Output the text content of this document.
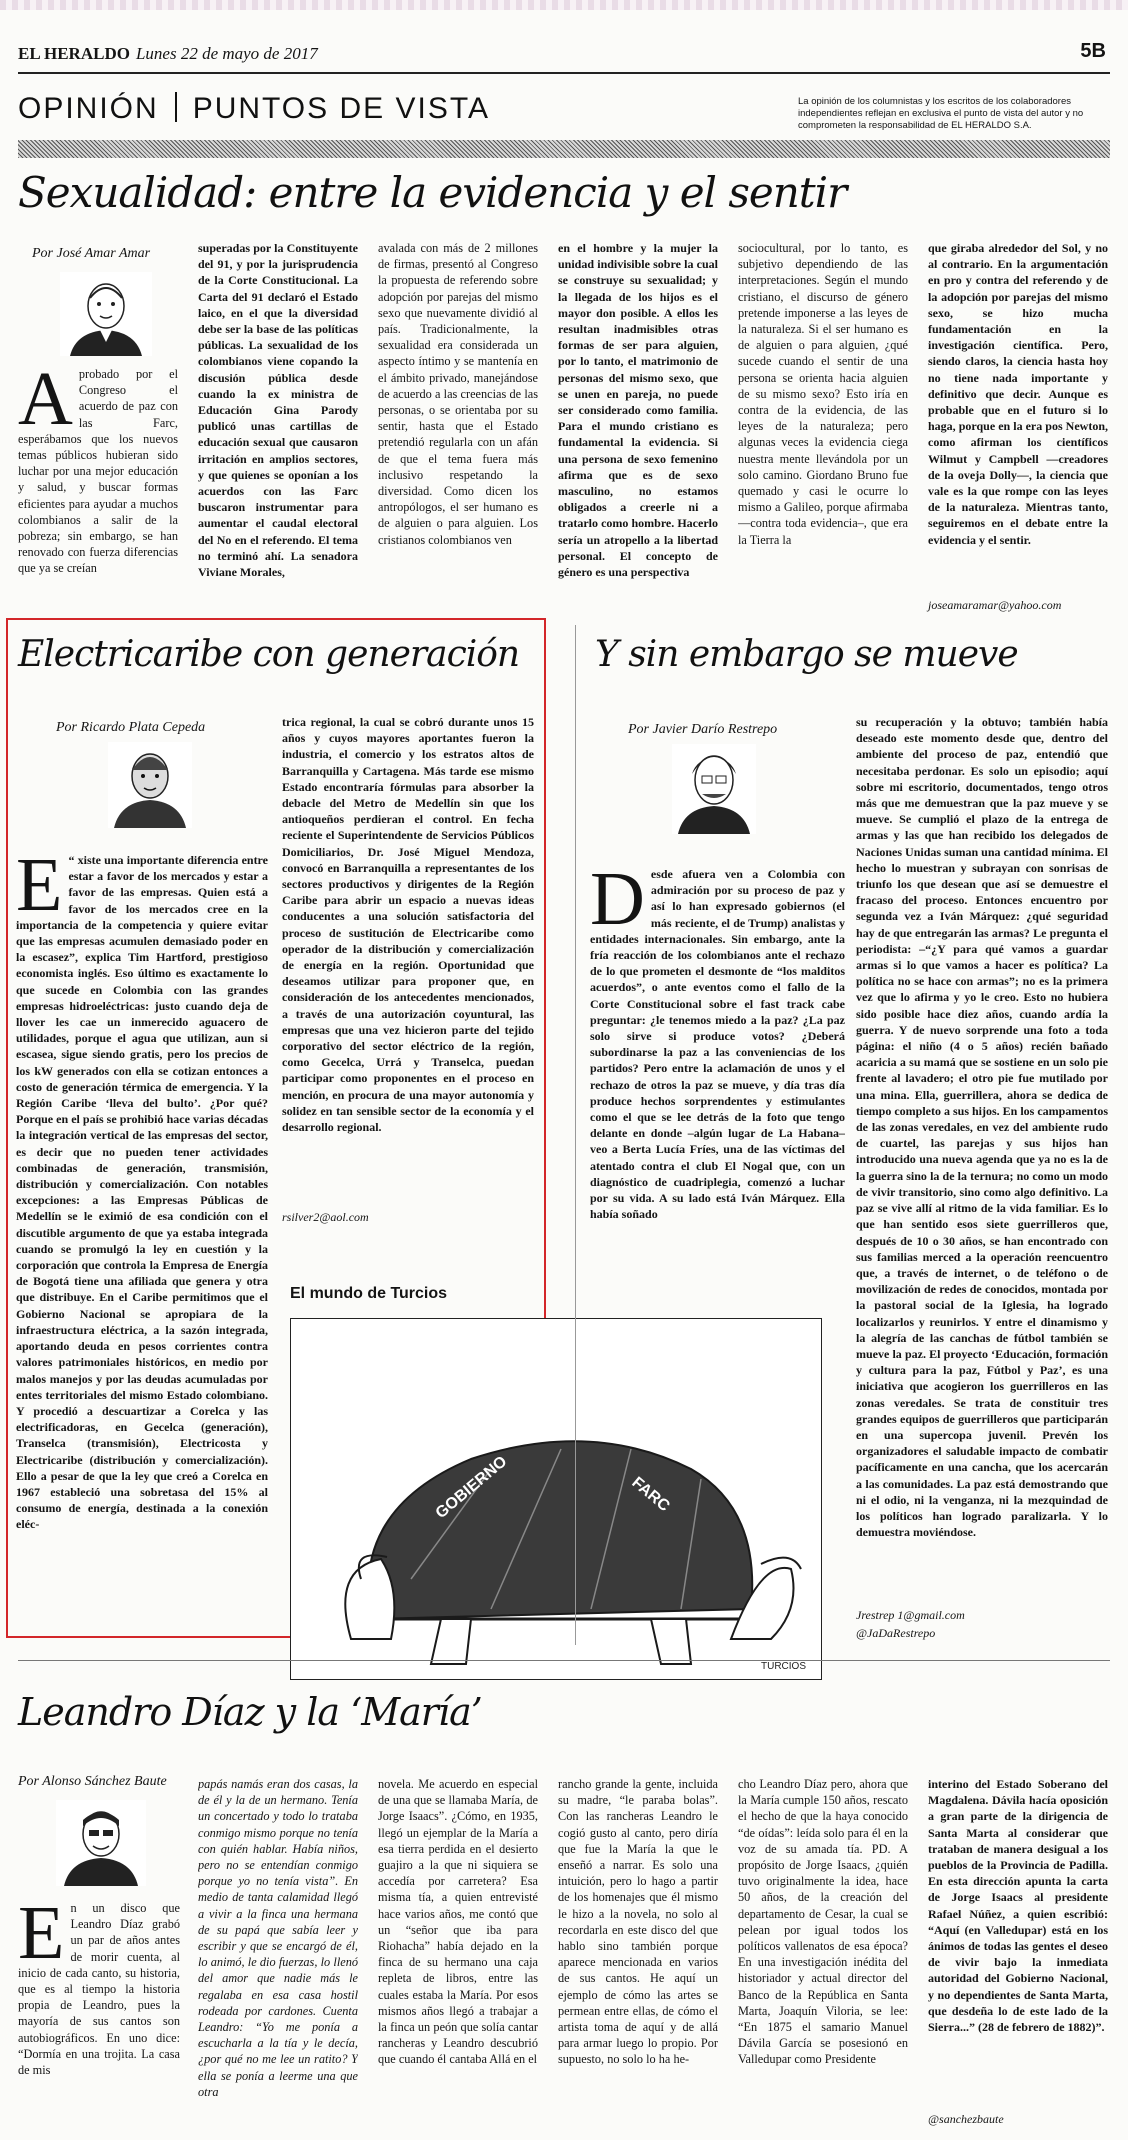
EL HERALDO Lunes 22 de mayo de 2017	5B
OPINIÓN PUNTOS DE VISTA	La opinión de los columnistas y los escritos de los colaboradores independientes reflejan en exclusiva el punto de vista del autor y no comprometen la responsabilidad de EL HERALDO S.A.
Sexualidad: entre la evidencia y el sentir
Por José Amar Amar
Aprobado por el Congreso el acuerdo de paz con las Farc, esperábamos que los nuevos temas públicos hubieran sido luchar por una mejor educación y salud, y buscar formas eficientes para ayudar a muchos colombianos a salir de la pobreza; sin embargo, se han renovado con fuerza diferencias que ya se creían
superadas por la Constituyente del 91, y por la jurisprudencia de la Corte Constitucional. La Carta del 91 declaró el Estado laico, en el que la diversidad debe ser la base de las políticas públicas. La sexualidad de los colombianos viene copando la discusión pública desde cuando la ex ministra de Educación Gina Parody publicó unas cartillas de educación sexual que causaron irritación en amplios sectores, y que quienes se oponían a los acuerdos con las Farc buscaron instrumentar para aumentar el caudal electoral del No en el referendo. El tema no terminó ahí. La senadora Viviane Morales,
avalada con más de 2 millones de firmas, presentó al Congreso la propuesta de referendo sobre adopción por parejas del mismo sexo que nuevamente dividió al país. Tradicionalmente, la sexualidad era considerada un aspecto íntimo y se mantenía en el ámbito privado, manejándose de acuerdo a las creencias de las personas, o se orientaba por su sentir, hasta que el Estado pretendió regularla con un afán de que el tema fuera más inclusivo respetando la diversidad. Como dicen los antropólogos, el ser humano es de alguien o para alguien. Los cristianos colombianos ven
en el hombre y la mujer la unidad indivisible sobre la cual se construye su sexualidad; y la llegada de los hijos es el mayor don posible. A ellos les resultan inadmisibles otras formas de ser para alguien, por lo tanto, el matrimonio de personas del mismo sexo, que se unen en pareja, no puede ser considerado como familia. Para el mundo cristiano es fundamental la evidencia. Si una persona de sexo femenino afirma que es de sexo masculino, no estamos obligados a creerle ni a tratarlo como hombre. Hacerlo sería un atropello a la libertad personal. El concepto de género es una perspectiva
sociocultural, por lo tanto, es subjetivo dependiendo de las interpretaciones. Según el mundo cristiano, el discurso de género pretende imponerse a las leyes de la naturaleza. Si el ser humano es de alguien o para alguien, ¿qué sucede cuando el sentir de una persona se orienta hacia alguien de su mismo sexo? Esto iría en contra de la evidencia, de las leyes de la naturaleza; pero algunas veces la evidencia ciega nuestra mente llevándola por un solo camino. Giordano Bruno fue quemado y casi le ocurre lo mismo a Galileo, porque afirmaba —contra toda evidencia–, que era la Tierra la
que giraba alrededor del Sol, y no al contrario. En la argumentación en pro y contra del referendo y de la adopción por parejas del mismo sexo, se hizo mucha fundamentación en la investigación científica. Pero, siendo claros, la ciencia hasta hoy no tiene nada importante y definitivo que decir. Aunque es probable que en el futuro si lo haga, porque en la era pos Newton, como afirman los científicos Wilmut y Campbell —creadores de la oveja Dolly—, la ciencia que vale es la que rompe con las leyes de la naturaleza. Mientras tanto, seguiremos en el debate entre la evidencia y el sentir.
joseamaramar@yahoo.com
Electricaribe con generación
Por Ricardo Plata Cepeda
E “ xiste una importante diferencia entre estar a favor de los mercados y estar a favor de las empresas. Quien está a favor de los mercados cree en la importancia de la competencia y quiere evitar que las empresas acumulen demasiado poder en la escasez”, explica Tim Hartford, prestigioso economista inglés. Eso último es exactamente lo que sucede en Colombia con las grandes empresas hidroeléctricas: justo cuando deja de llover les cae un inmerecido aguacero de utilidades, porque el agua que utilizan, aun si escasea, sigue siendo gratis, pero los precios de los kW generados con ella se cotizan entonces a costo de generación térmica de emergencia. Y la Región Caribe ‘lleva del bulto’. ¿Por qué? Porque en el país se prohibió hace varias décadas la integración vertical de las empresas del sector, es decir que no pueden tener actividades combinadas de generación, transmisión, distribución y comercialización. Con notables excepciones: a las Empresas Públicas de Medellín se le eximió de esa condición con el discutible argumento de que ya estaba integrada cuando se promulgó la ley en cuestión y la corporación que controla la Empresa de Energía de Bogotá tiene una afiliada que genera y otra que distribuye. En el Caribe permitimos que el Gobierno Nacional se apropiara de la infraestructura eléctrica, a la sazón integrada, aportando deuda en pesos corrientes contra valores patrimoniales históricos, en medio por malos manejos y por las deudas acumuladas por entes territoriales del mismo Estado colombiano. Y procedió a descuartizar a Corelca y las electrificadoras, en Gecelca (generación), Transelca (transmisión), Electricosta y Electricaribe (distribución y comercialización). Ello a pesar de que la ley que creó a Corelca en 1967 estableció una sobretasa del 15% al consumo de energía, destinada a la conexión eléc-
trica regional, la cual se cobró durante unos 15 años y cuyos mayores aportantes fueron la industria, el comercio y los estratos altos de Barranquilla y Cartagena. Más tarde ese mismo Estado encontraría fórmulas para absorber la debacle del Metro de Medellín sin que los antioqueños perdieran el control. En fecha reciente el Superintendente de Servicios Públicos Domiciliarios, Dr. José Miguel Mendoza, convocó en Barranquilla a representantes de los sectores productivos y dirigentes de la Región Caribe para abrir un espacio a nuevas ideas conducentes a una solución satisfactoria del proceso de sustitución de Electricaribe como operador de la distribución y comercialización de energía en la región. Oportunidad que deseamos utilizar para proponer que, en consideración de los antecedentes mencionados, a través de una autorización coyuntural, las empresas que una vez hicieron parte del tejido corporativo del sector eléctrico de la región, como Gecelca, Urrá y Transelca, puedan participar como proponentes en el proceso en mención, en procura de una mayor autonomía y solidez en tan sensible sector de la economía y el desarrollo regional.
rsilver2@aol.com
El mundo de Turcios
GOBIERNO	FARC
TURCIOS
Y sin embargo se mueve
Por Javier Darío Restrepo
Desde afuera ven a Colombia con admiración por su proceso de paz y así lo han expresado gobiernos (el más reciente, el de Trump) analistas y entidades internacionales. Sin embargo, ante la fría reacción de los colombianos ante el rechazo de lo que prometen el desmonte de “los malditos acuerdos”, o ante eventos como el fallo de la Corte Constitucional sobre el fast track cabe preguntar: ¿le tenemos miedo a la paz? ¿La paz solo sirve si produce votos? ¿Deberá subordinarse la paz a las conveniencias de los partidos? Pero entre la aclamación de unos y el rechazo de otros la paz se mueve, y día tras día produce hechos sorprendentes y estimulantes como el que se lee detrás de la foto que tengo delante en donde –algún lugar de La Habana– veo a Berta Lucía Fríes, una de las víctimas del atentado contra el club El Nogal que, con un diagnóstico de cuadriplegia, comenzó a luchar por su vida. A su lado está Iván Márquez. Ella había soñado
su recuperación y la obtuvo; también había deseado este momento desde que, dentro del ambiente del proceso de paz, entendió que necesitaba perdonar. Es solo un episodio; aquí sobre mi escritorio, documentados, tengo otros más que me demuestran que la paz mueve y se mueve. Se cumplió el plazo de la entrega de armas y las que han recibido los delegados de Naciones Unidas suman una cantidad mínima. El hecho lo muestran y subrayan con sonrisas de triunfo los que desean que así se demuestre el fracaso del proceso. Entonces encuentro por segunda vez a Iván Márquez: ¿qué seguridad hay de que entregarán las armas? Le pregunta el periodista: –“¿Y para qué vamos a guardar armas si lo que vamos a hacer es política? La política no se hace con armas”; no es la primera vez que lo afirma y yo le creo. Esto no hubiera sido posible hace diez años, cuando ardía la guerra. Y de nuevo sorprende una foto a toda página: el niño (4 o 5 años) recién bañado acaricia a su mamá que se sostiene en un solo pie frente al lavadero; el otro pie fue mutilado por una mina. Ella, guerrillera, ahora se dedica de tiempo completo a sus hijos. En los campamentos de las zonas veredales, en vez del ambiente rudo de cuartel, las parejas y sus hijos han introducido una nueva agenda que ya no es la de la guerra sino la de la ternura; no como un modo de vivir transitorio, sino como algo definitivo. La paz se vive allí al ritmo de la vida familiar. Es lo que han sentido esos siete guerrilleros que, después de 10 o 30 años, se han encontrado con sus familias merced a la operación reencuentro que, a través de internet, o de teléfono o de movilización de redes de conocidos, montada por la pastoral social de la Iglesia, ha logrado localizarlos y reunirlos. Y entre el dinamismo y la alegría de las canchas de fútbol también se mueve la paz. El proyecto ‘Educación, formación y cultura para la paz, Fútbol y Paz’, es una iniciativa que acogieron los guerrilleros en las zonas veredales. Se trata de constituir tres grandes equipos de guerrilleros que participarán en una supercopa juvenil. Prevén los organizadores el saludable impacto de combatir pacíficamente en una cancha, que los acercarán a las comunidades. La paz está demostrando que ni el odio, ni la venganza, ni la mezquindad de los políticos han logrado paralizarla. Y lo demuestra moviéndose.
Jrestrep 1@gmail.com
@JaDaRestrepo
Leandro Díaz y la ‘María’
Por Alonso Sánchez Baute
En un disco que Leandro Díaz grabó un par de años antes de morir cuenta, al inicio de cada canto, su historia, que es al tiempo la historia propia de Leandro, pues la mayoría de sus cantos son autobiográficos. En uno dice: “Dormía en una trojita. La casa de mis
papás namás eran dos casas, la de él y la de un hermano. Tenía un concertado y todo lo trataba conmigo mismo porque no tenía con quién hablar. Había niños, pero no se entendían conmigo porque yo no tenía vista”. En medio de tanta calamidad llegó a vivir a la finca una hermana de su papá que sabía leer y escribir y que se encargó de él, lo animó, le dio fuerzas, lo llenó del amor que nadie más le regalaba en esa casa hostil rodeada por cardones. Cuenta Leandro: “Yo me ponía a escucharla a la tía y le decía, ¿por qué no me lee un ratito? Y ella se ponía a leerme una que otra
novela. Me acuerdo en especial de una que se llamaba María, de Jorge Isaacs”. ¿Cómo, en 1935, llegó un ejemplar de la María a esa tierra perdida en el desierto guajiro a la que ni siquiera se accedía por carretera? Esa misma tía, a quien entrevisté hace varios años, me contó que un “señor que iba para Riohacha” había dejado en la finca de su hermano una caja repleta de libros, entre las cuales estaba la María. Por esos mismos años llegó a trabajar a la finca un peón que solía cantar rancheras y Leandro descubrió que cuando él cantaba Allá en el
rancho grande la gente, incluida su madre, “le paraba bolas”. Con las rancheras Leandro le cogió gusto al canto, pero diría que fue la María la que le enseñó a narrar. Es solo una intuición, pero lo hago a partir de los homenajes que él mismo le hizo a la novela, no solo al recordarla en este disco del que hablo sino también porque aparece mencionada en varios de sus cantos. He aquí un ejemplo de cómo las artes se permean entre ellas, de cómo el artista toma de aquí y de allá para armar luego lo propio. Por supuesto, no solo lo ha he-
cho Leandro Díaz pero, ahora que la María cumple 150 años, rescato el hecho de que la haya conocido “de oídas”: leída solo para él en la voz de su amada tía. PD. A propósito de Jorge Isaacs, ¿quién tuvo originalmente la idea, hace 50 años, de la creación del departamento de Cesar, la cual se pelean por igual todos los políticos vallenatos de esa época? En una investigación inédita del historiador y actual director del Banco de la República en Santa Marta, Joaquín Viloria, se lee: “En 1875 el samario Manuel Dávila García se posesionó en Valledupar como Presidente
interino del Estado Soberano del Magdalena. Dávila hacía oposición a gran parte de la dirigencia de Santa Marta al considerar que trataban de manera desigual a los pueblos de la Provincia de Padilla. En esta dirección apunta la carta de Jorge Isaacs al presidente Rafael Núñez, a quien escribió: “Aquí (en Valledupar) está en los ánimos de todas las gentes el deseo de vivir bajo la inmediata autoridad del Gobierno Nacional, y no dependientes de Santa Marta, que desdeña lo de este lado de la Sierra...” (28 de febrero de 1882)”.
@sanchezbaute
